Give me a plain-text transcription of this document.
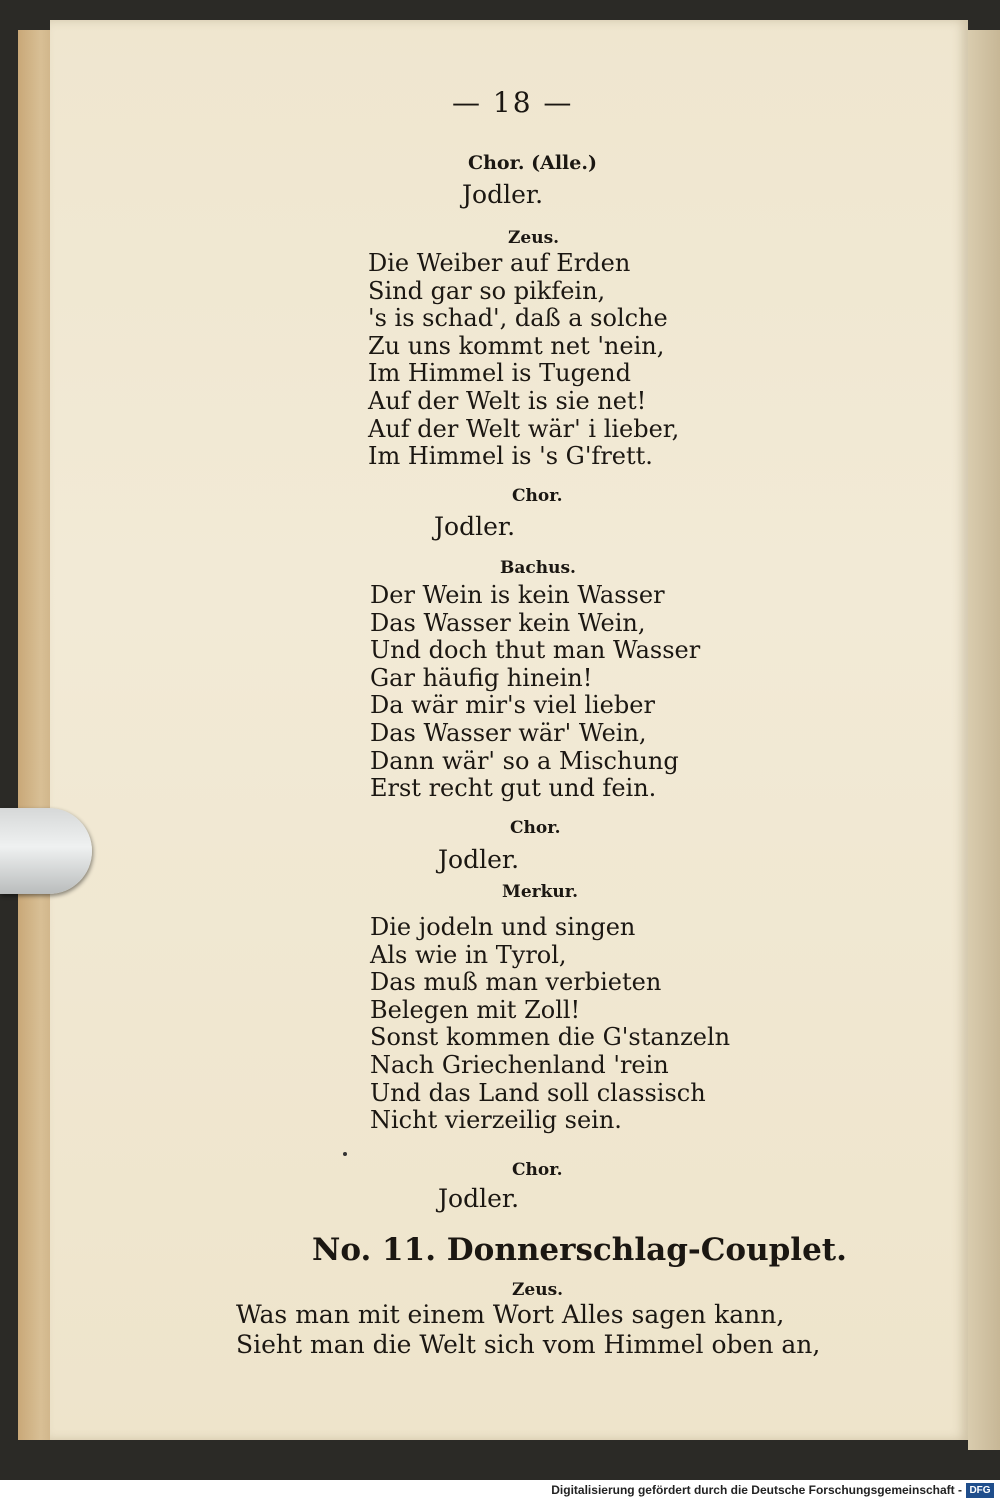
— 18 —
Chor. (Alle.)
Jodler.
Zeus.
Die Weiber auf Erden
Sind gar so pikfein,
's is schad', daß a solche
Zu uns kommt net 'nein,
Im Himmel is Tugend
Auf der Welt is sie net!
Auf der Welt wär' i lieber,
Im Himmel is 's G'frett.
Chor.
Jodler.
Bachus.
Der Wein is kein Wasser
Das Wasser kein Wein,
Und doch thut man Wasser
Gar häufig hinein!
Da wär mir's viel lieber
Das Wasser wär' Wein,
Dann wär' so a Mischung
Erst recht gut und fein.
Chor.
Jodler.
Merkur.
Die jodeln und singen
Als wie in Tyrol,
Das muß man verbieten
Belegen mit Zoll!
Sonst kommen die G'stanzeln
Nach Griechenland 'rein
Und das Land soll classisch
Nicht vierzeilig sein.
Chor.
Jodler.
No. 11. Donnerschlag-Couplet.
Zeus.
Was man mit einem Wort Alles sagen kann,
Sieht man die Welt sich vom Himmel oben an,
Digitalisierung gefördert durch die Deutsche Forschungsgemeinschaft - DFG
